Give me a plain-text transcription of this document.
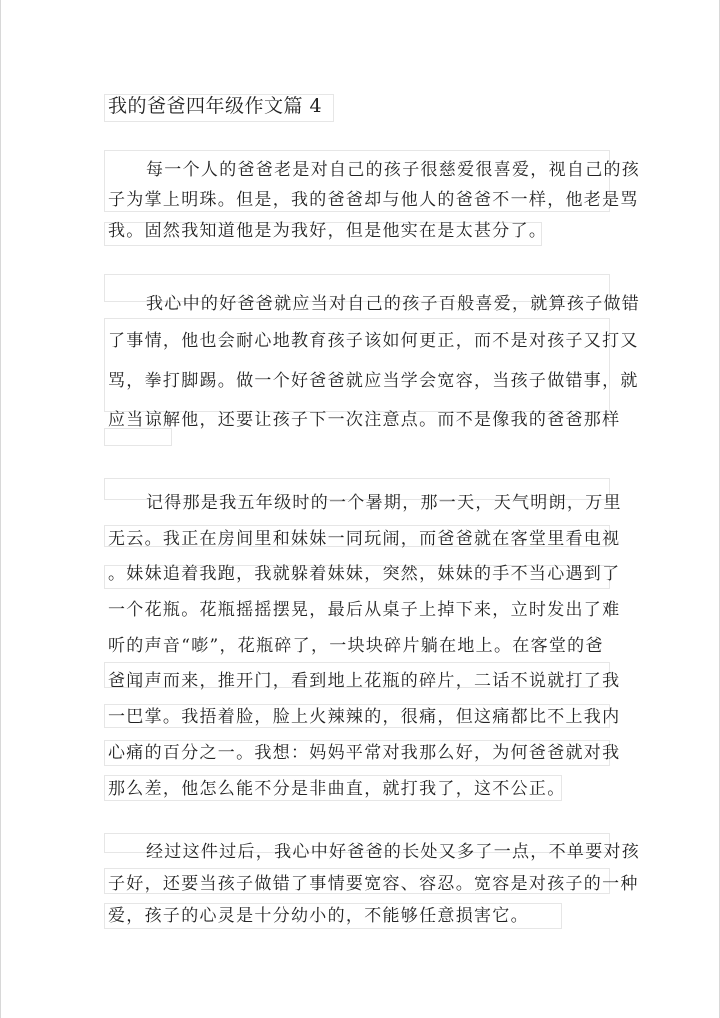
我的爸爸四年级作文篇 4
每一个人的爸爸老是对自己的孩子很慈爱很喜爱，视自己的孩
子为掌上明珠。但是，我的爸爸却与他人的爸爸不一样，他老是骂
我。固然我知道他是为我好，但是他实在是太甚分了。
我心中的好爸爸就应当对自己的孩子百般喜爱，就算孩子做错
了事情，他也会耐心地教育孩子该如何更正，而不是对孩子又打又
骂，拳打脚踢。做一个好爸爸就应当学会宽容，当孩子做错事，就
应当谅解他，还要让孩子下一次注意点。而不是像我的爸爸那样
记得那是我五年级时的一个暑期，那一天，天气明朗，万里
无云。我正在房间里和妹妹一同玩闹，而爸爸就在客堂里看电视
。妹妹追着我跑，我就躲着妹妹，突然，妹妹的手不当心遇到了
一个花瓶。花瓶摇摇摆晃，最后从桌子上掉下来，立时发出了难
听的声音“嘭”，花瓶碎了，一块块碎片躺在地上。在客堂的爸
爸闻声而来，推开门，看到地上花瓶的碎片，二话不说就打了我
一巴掌。我捂着脸，脸上火辣辣的，很痛，但这痛都比不上我内
心痛的百分之一。我想：妈妈平常对我那么好，为何爸爸就对我
那么差，他怎么能不分是非曲直，就打我了，这不公正。
经过这件过后，我心中好爸爸的长处又多了一点，不单要对孩
子好，还要当孩子做错了事情要宽容、容忍。宽容是对孩子的一种
爱，孩子的心灵是十分幼小的，不能够任意损害它。
